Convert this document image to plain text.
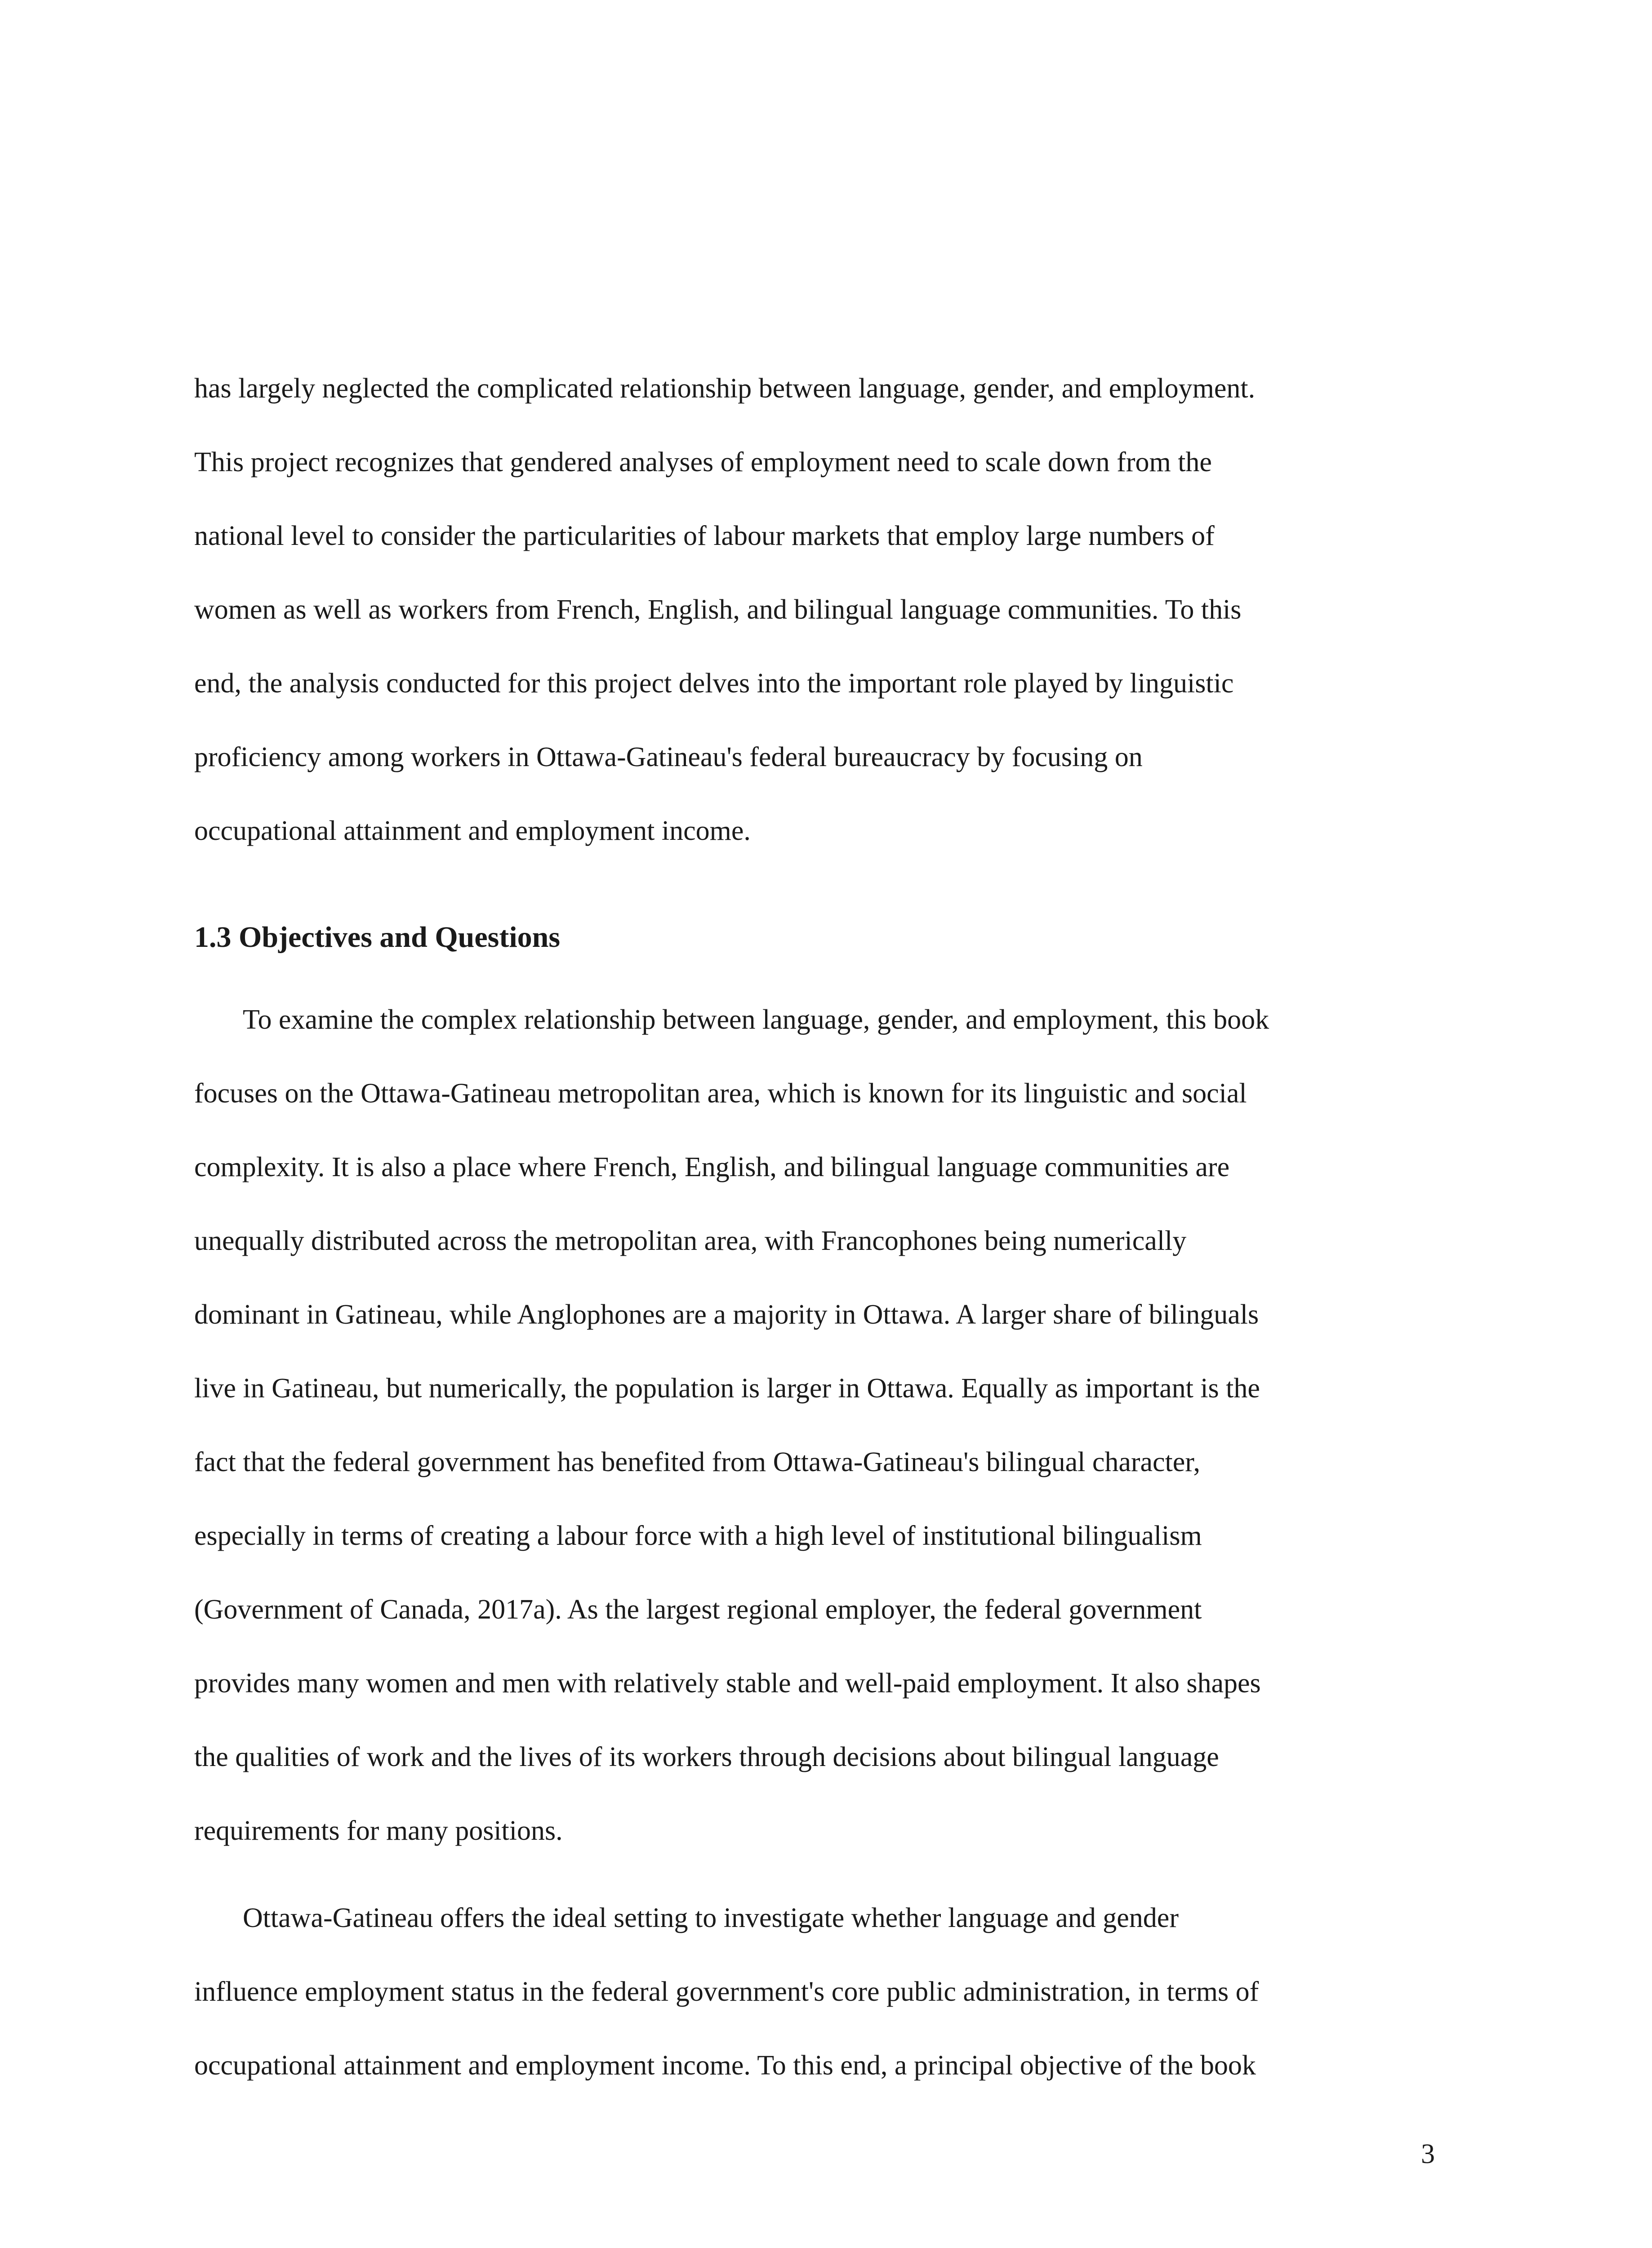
has largely neglected the complicated relationship between language, gender, and employment.
This project recognizes that gendered analyses of employment need to scale down from the
national level to consider the particularities of labour markets that employ large numbers of
women as well as workers from French, English, and bilingual language communities. To this
end, the analysis conducted for this project delves into the important role played by linguistic
proficiency among workers in Ottawa-Gatineau's federal bureaucracy by focusing on
occupational attainment and employment income.

1.3 Objectives and Questions

To examine the complex relationship between language, gender, and employment, this book
focuses on the Ottawa-Gatineau metropolitan area, which is known for its linguistic and social
complexity. It is also a place where French, English, and bilingual language communities are
unequally distributed across the metropolitan area, with Francophones being numerically
dominant in Gatineau, while Anglophones are a majority in Ottawa. A larger share of bilinguals
live in Gatineau, but numerically, the population is larger in Ottawa. Equally as important is the
fact that the federal government has benefited from Ottawa-Gatineau's bilingual character,
especially in terms of creating a labour force with a high level of institutional bilingualism
(Government of Canada, 2017a). As the largest regional employer, the federal government
provides many women and men with relatively stable and well-paid employment. It also shapes
the qualities of work and the lives of its workers through decisions about bilingual language
requirements for many positions.

Ottawa-Gatineau offers the ideal setting to investigate whether language and gender
influence employment status in the federal government's core public administration, in terms of
occupational attainment and employment income. To this end, a principal objective of the book

3
